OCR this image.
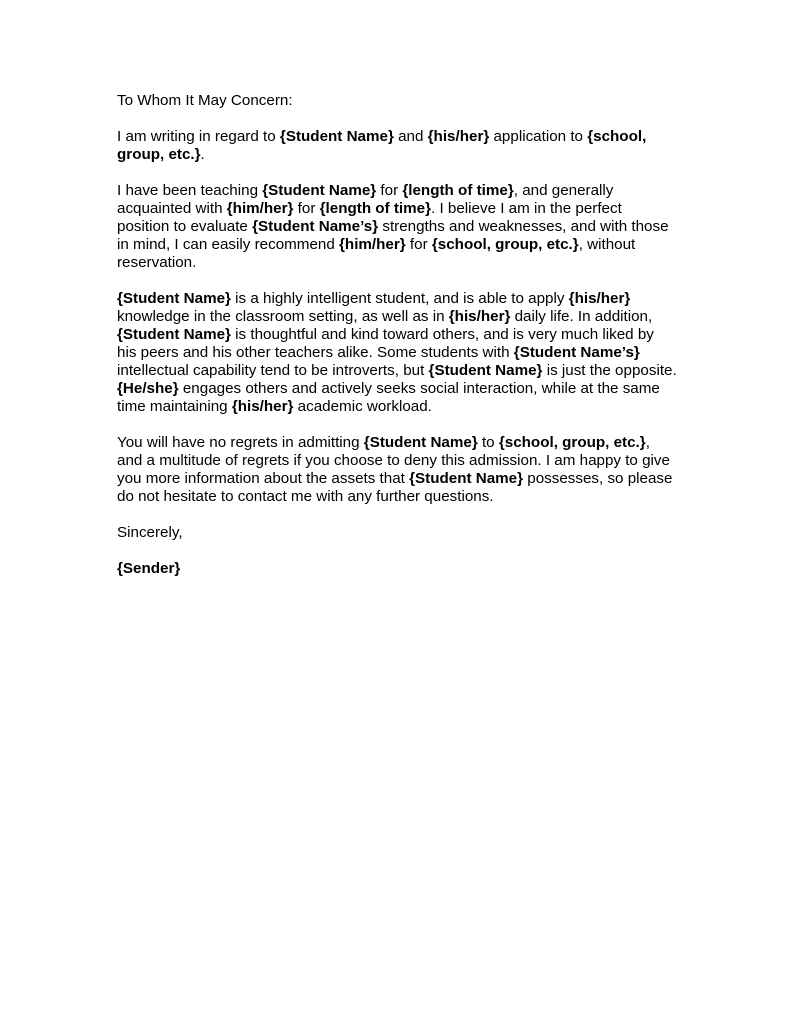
To Whom It May Concern:

I am writing in regard to {Student Name} and {his/her} application to {school, group, etc.}.

I have been teaching {Student Name} for {length of time}, and generally acquainted with {him/her} for {length of time}. I believe I am in the perfect position to evaluate {Student Name’s} strengths and weaknesses, and with those in mind, I can easily recommend {him/her} for {school, group, etc.}, without reservation.

{Student Name} is a highly intelligent student, and is able to apply {his/her} knowledge in the classroom setting, as well as in {his/her} daily life. In addition, {Student Name} is thoughtful and kind toward others, and is very much liked by his peers and his other teachers alike. Some students with {Student Name’s} intellectual capability tend to be introverts, but {Student Name} is just the opposite. {He/she} engages others and actively seeks social interaction, while at the same time maintaining {his/her} academic workload.

You will have no regrets in admitting {Student Name} to {school, group, etc.}, and a multitude of regrets if you choose to deny this admission. I am happy to give you more information about the assets that {Student Name} possesses, so please do not hesitate to contact me with any further questions.

Sincerely,

{Sender}
